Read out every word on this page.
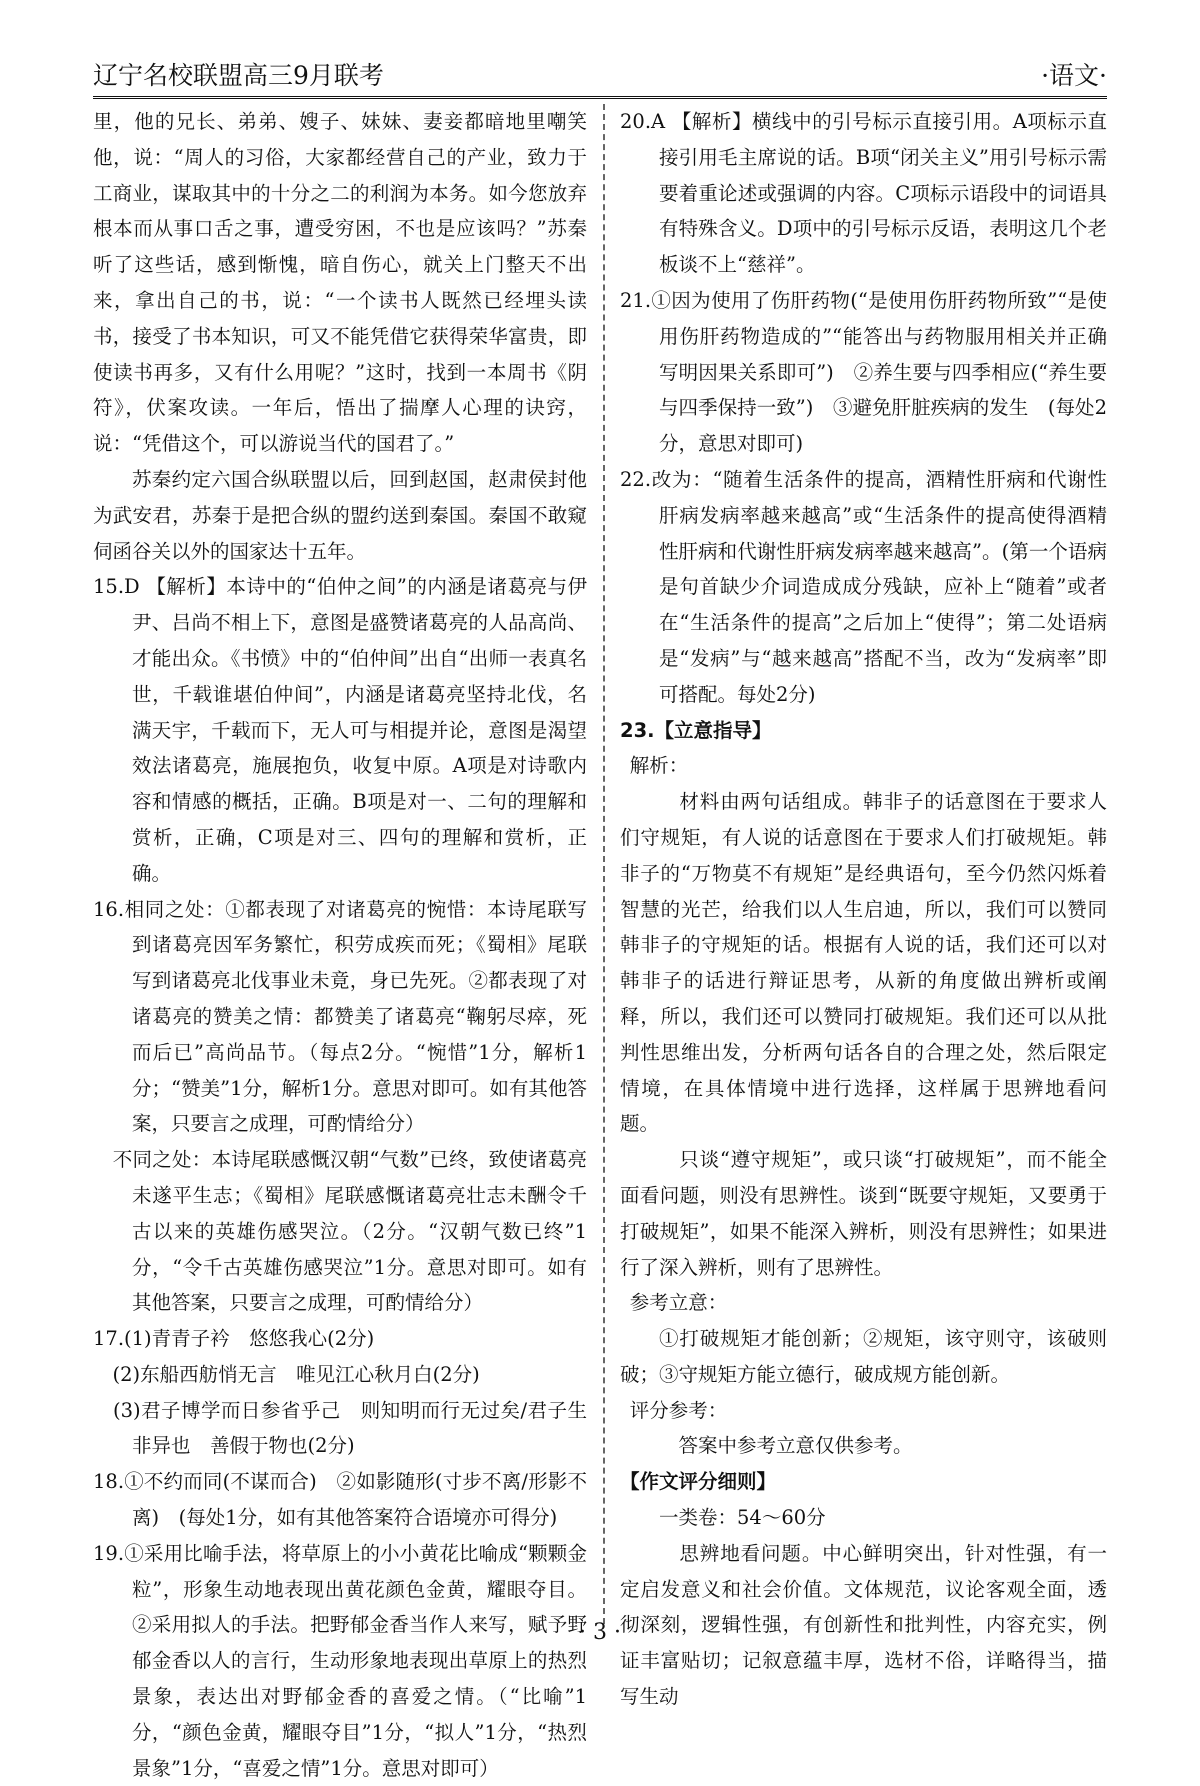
辽宁名校联盟高三9月联考	·语文·

里，他的兄长、弟弟、嫂子、妹妹、妻妾都暗地里嘲笑他，说：“周人的习俗，大家都经营自己的产业，致力于工商业，谋取其中的十分之二的利润为本务。如今您放弃根本而从事口舌之事，遭受穷困，不也是应该吗？”苏秦听了这些话，感到惭愧，暗自伤心，就关上门整天不出来，拿出自己的书，说：“一个读书人既然已经埋头读书，接受了书本知识，可又不能凭借它获得荣华富贵，即使读书再多，又有什么用呢？”这时，找到一本周书《阴符》，伏案攻读。一年后，悟出了揣摩人心理的诀窍，说：“凭借这个，可以游说当代的国君了。”

苏秦约定六国合纵联盟以后，回到赵国，赵肃侯封他为武安君，苏秦于是把合纵的盟约送到秦国。秦国不敢窥伺函谷关以外的国家达十五年。

15.D 【解析】本诗中的“伯仲之间”的内涵是诸葛亮与伊尹、吕尚不相上下，意图是盛赞诸葛亮的人品高尚、才能出众。《书愤》中的“伯仲间”出自“出师一表真名世，千载谁堪伯仲间”，内涵是诸葛亮坚持北伐，名满天宇，千载而下，无人可与相提并论，意图是渴望效法诸葛亮，施展抱负，收复中原。A项是对诗歌内容和情感的概括，正确。B项是对一、二句的理解和赏析，正确，C项是对三、四句的理解和赏析，正确。

16.相同之处：①都表现了对诸葛亮的惋惜：本诗尾联写到诸葛亮因军务繁忙，积劳成疾而死；《蜀相》尾联写到诸葛亮北伐事业未竟，身已先死。②都表现了对诸葛亮的赞美之情：都赞美了诸葛亮“鞠躬尽瘁，死而后已”高尚品节。（每点2分。“惋惜”1分，解析1分；“赞美”1分，解析1分。意思对即可。如有其他答案，只要言之成理，可酌情给分）

　不同之处：本诗尾联感慨汉朝“气数”已终，致使诸葛亮未遂平生志；《蜀相》尾联感慨诸葛亮壮志未酬令千古以来的英雄伤感哭泣。（2分。“汉朝气数已终”1分，“令千古英雄伤感哭泣”1分。意思对即可。如有其他答案，只要言之成理，可酌情给分）

17.(1)青青子衿　悠悠我心(2分)

　(2)东船西舫悄无言　唯见江心秋月白(2分)

　(3)君子博学而日参省乎己　则知明而行无过矣/君子生非异也　善假于物也(2分)

18.①不约而同(不谋而合)　②如影随形(寸步不离/形影不离)　(每处1分，如有其他答案符合语境亦可得分)

19.①采用比喻手法，将草原上的小小黄花比喻成“颗颗金粒”，形象生动地表现出黄花颜色金黄，耀眼夺目。②采用拟人的手法。把野郁金香当作人来写，赋予野郁金香以人的言行，生动形象地表现出草原上的热烈景象，表达出对野郁金香的喜爱之情。（“比喻”1分，“颜色金黄，耀眼夺目”1分，“拟人”1分，“热烈景象”1分，“喜爱之情”1分。意思对即可）

20.A 【解析】横线中的引号标示直接引用。A项标示直接引用毛主席说的话。B项“闭关主义”用引号标示需要着重论述或强调的内容。C项标示语段中的词语具有特殊含义。D项中的引号标示反语，表明这几个老板谈不上“慈祥”。

21.①因为使用了伤肝药物(“是使用伤肝药物所致”“是使用伤肝药物造成的”“能答出与药物服用相关并正确写明因果关系即可”)　②养生要与四季相应(“养生要与四季保持一致”)　③避免肝脏疾病的发生　(每处2分，意思对即可)

22.改为：“随着生活条件的提高，酒精性肝病和代谢性肝病发病率越来越高”或“生活条件的提高使得酒精性肝病和代谢性肝病发病率越来越高”。(第一个语病是句首缺少介词造成成分残缺，应补上“随着”或者在“生活条件的提高”之后加上“使得”；第二处语病是“发病”与“越来越高”搭配不当，改为“发病率”即可搭配。每处2分)

23.【立意指导】

解析：

　材料由两句话组成。韩非子的话意图在于要求人们守规矩，有人说的话意图在于要求人们打破规矩。韩非子的“万物莫不有规矩”是经典语句，至今仍然闪烁着智慧的光芒，给我们以人生启迪，所以，我们可以赞同韩非子的守规矩的话。根据有人说的话，我们还可以对韩非子的话进行辩证思考，从新的角度做出辨析或阐释，所以，我们还可以赞同打破规矩。我们还可以从批判性思维出发，分析两句话各自的合理之处，然后限定情境，在具体情境中进行选择，这样属于思辨地看问题。

　只谈“遵守规矩”，或只谈“打破规矩”，而不能全面看问题，则没有思辨性。谈到“既要守规矩，又要勇于打破规矩”，如果不能深入辨析，则没有思辨性；如果进行了深入辨析，则有了思辨性。

参考立意：

①打破规矩才能创新；②规矩，该守则守，该破则破；③守规矩方能立德行，破成规方能创新。

评分参考：

　答案中参考立意仅供参考。

【作文评分细则】

一类卷：54～60分

　思辨地看问题。中心鲜明突出，针对性强，有一定启发意义和社会价值。文体规范，议论客观全面，透彻深刻，逻辑性强，有创新性和批判性，内容充实，例证丰富贴切；记叙意蕴丰厚，选材不俗，详略得当，描写生动

· 3 ·
